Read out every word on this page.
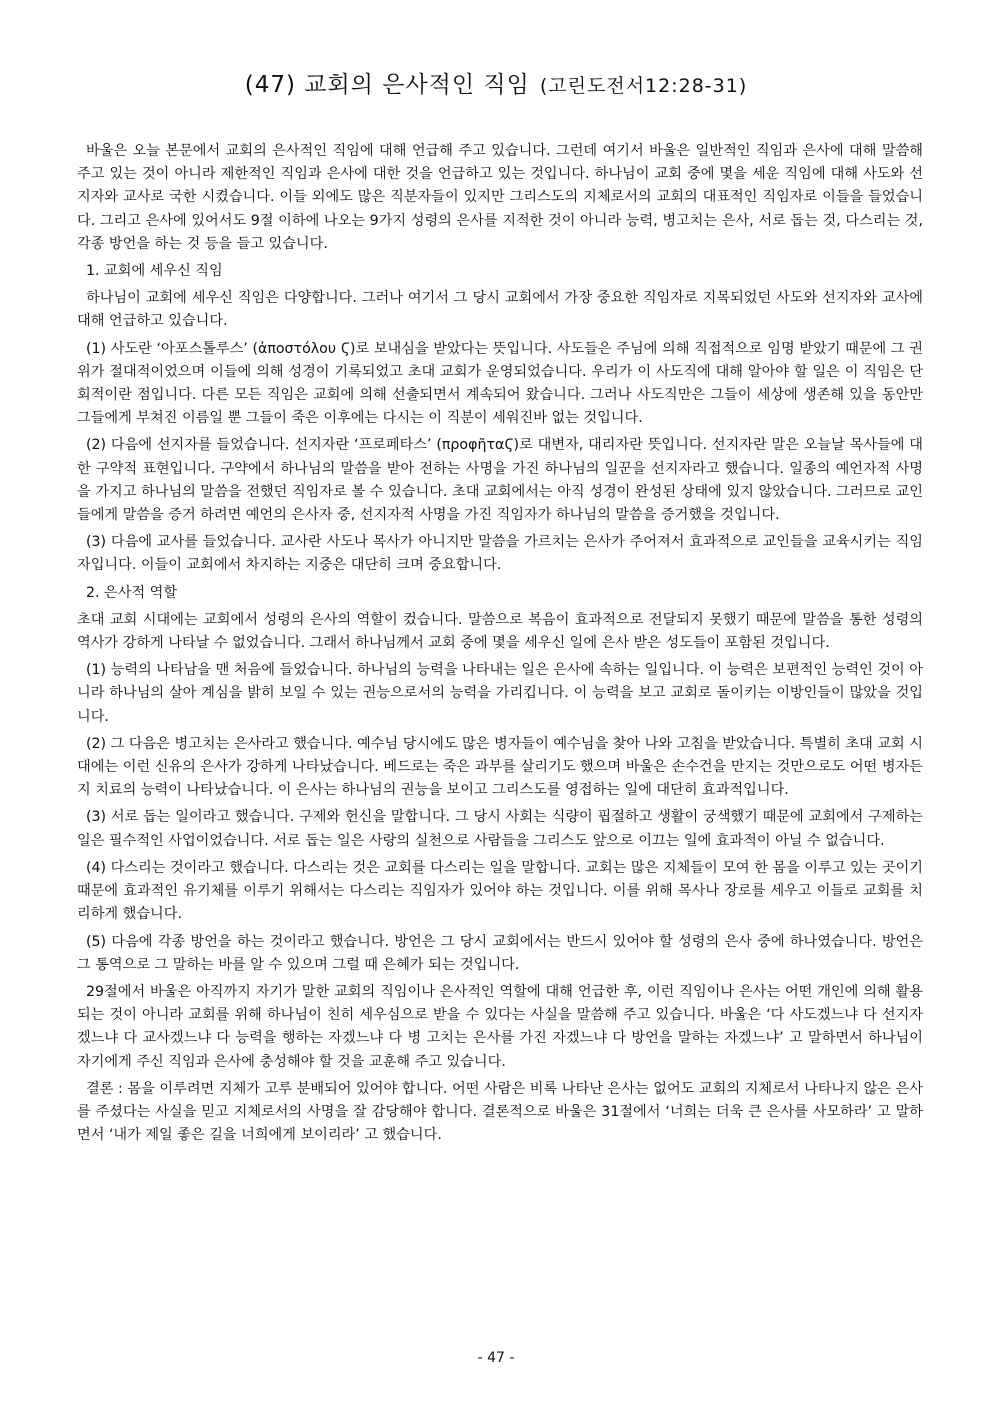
(47) 교회의 은사적인 직임 (고린도전서12:28-31)

바울은 오늘 본문에서 교회의 은사적인 직임에 대해 언급해 주고 있습니다. 그런데 여기서 바울은 일반적인 직임과 은사에 대해 말씀해 주고 있는 것이 아니라 제한적인 직임과 은사에 대한 것을 언급하고 있는 것입니다. 하나님이 교회 중에 몇을 세운 직임에 대해 사도와 선지자와 교사로 국한 시켰습니다. 이들 외에도 많은 직분자들이 있지만 그리스도의 지체로서의 교회의 대표적인 직임자로 이들을 들었습니다. 그리고 은사에 있어서도 9절 이하에 나오는 9가지 성령의 은사를 지적한 것이 아니라 능력, 병고치는 은사, 서로 돕는 것, 다스리는 것, 각종 방언을 하는 것 등을 들고 있습니다.

1. 교회에 세우신 직임

하나님이 교회에 세우신 직임은 다양합니다. 그러나 여기서 그 당시 교회에서 가장 중요한 직임자로 지목되었던 사도와 선지자와 교사에 대해 언급하고 있습니다.

(1) 사도란 ‘아포스톨루스’ (ἀποστόλου Ϛ)로 보내심을 받았다는 뜻입니다. 사도들은 주님에 의해 직접적으로 임명 받았기 때문에 그 권위가 절대적이었으며 이들에 의해 성경이 기록되었고 초대 교회가 운영되었습니다. 우리가 이 사도직에 대해 알아야 할 일은 이 직임은 단회적이란 점입니다. 다른 모든 직임은 교회에 의해 선출되면서 계속되어 왔습니다. 그러나 사도직만은 그들이 세상에 생존해 있을 동안만 그들에게 부쳐진 이름일 뿐 그들이 죽은 이후에는 다시는 이 직분이 세워진바 없는 것입니다.

(2) 다음에 선지자를 들었습니다. 선지자란 ‘프로페타스’ (προφῆταϚ)로 대변자, 대리자란 뜻입니다. 선지자란 말은 오늘날 목사들에 대한 구약적 표현입니다. 구약에서 하나님의 말씀을 받아 전하는 사명을 가진 하나님의 일꾼을 선지자라고 했습니다. 일종의 예언자적 사명을 가지고 하나님의 말씀을 전했던 직임자로 볼 수 있습니다. 초대 교회에서는 아직 성경이 완성된 상태에 있지 않았습니다. 그러므로 교인들에게 말씀을 증거 하려면 예언의 은사자 중, 선지자적 사명을 가진 직임자가 하나님의 말씀을 증거했을 것입니다.

(3) 다음에 교사를 들었습니다. 교사란 사도나 목사가 아니지만 말씀을 가르치는 은사가 주어져서 효과적으로 교인들을 교육시키는 직임자입니다. 이들이 교회에서 차지하는 지중은 대단히 크며 중요합니다.

2. 은사적 역할

초대 교회 시대에는 교회에서 성령의 은사의 역할이 컸습니다. 말씀으로 복음이 효과적으로 전달되지 못했기 때문에 말씀을 통한 성령의 역사가 강하게 나타날 수 없었습니다. 그래서 하나님께서 교회 중에 몇을 세우신 일에 은사 받은 성도들이 포함된 것입니다.

(1) 능력의 나타남을 맨 처음에 들었습니다. 하나님의 능력을 나타내는 일은 은사에 속하는 일입니다. 이 능력은 보편적인 능력인 것이 아니라 하나님의 살아 계심을 밝히 보일 수 있는 권능으로서의 능력을 가리킵니다. 이 능력을 보고 교회로 돌이키는 이방인들이 많았을 것입니다.

(2) 그 다음은 병고치는 은사라고 했습니다. 예수님 당시에도 많은 병자들이 예수님을 찾아 나와 고침을 받았습니다. 특별히 초대 교회 시대에는 이런 신유의 은사가 강하게 나타났습니다. 베드로는 죽은 과부를 살리기도 했으며 바울은 손수건을 만지는 것만으로도 어떤 병자든지 치료의 능력이 나타났습니다. 이 은사는 하나님의 권능을 보이고 그리스도를 영접하는 일에 대단히 효과적입니다.

(3) 서로 돕는 일이라고 했습니다. 구제와 헌신을 말합니다. 그 당시 사회는 식량이 핍절하고 생활이 궁색했기 때문에 교회에서 구제하는 일은 필수적인 사업이었습니다. 서로 돕는 일은 사랑의 실천으로 사람들을 그리스도 앞으로 이끄는 일에 효과적이 아닐 수 없습니다.

(4) 다스리는 것이라고 했습니다. 다스리는 것은 교회를 다스리는 일을 말합니다. 교회는 많은 지체들이 모여 한 몸을 이루고 있는 곳이기 때문에 효과적인 유기체를 이루기 위해서는 다스리는 직임자가 있어야 하는 것입니다. 이를 위해 목사나 장로를 세우고 이들로 교회를 치리하게 했습니다.

(5) 다음에 각종 방언을 하는 것이라고 했습니다. 방언은 그 당시 교회에서는 반드시 있어야 할 성령의 은사 중에 하나였습니다. 방언은 그 통역으로 그 말하는 바를 알 수 있으며 그럴 때 은혜가 되는 것입니다.

29절에서 바울은 아직까지 자기가 말한 교회의 직임이나 은사적인 역할에 대해 언급한 후, 이런 직임이나 은사는 어떤 개인에 의해 활용되는 것이 아니라 교회를 위해 하나님이 친히 세우심으로 받을 수 있다는 사실을 말씀해 주고 있습니다. 바울은 ‘다 사도겠느냐 다 선지자겠느냐 다 교사겠느냐 다 능력을 행하는 자겠느냐 다 병 고치는 은사를 가진 자겠느냐 다 방언을 말하는 자겠느냐’ 고 말하면서 하나님이 자기에게 주신 직임과 은사에 충성해야 할 것을 교훈해 주고 있습니다.

결론 : 몸을 이루려면 지체가 고루 분배되어 있어야 합니다. 어떤 사람은 비록 나타난 은사는 없어도 교회의 지체로서 나타나지 않은 은사를 주셨다는 사실을 믿고 지체로서의 사명을 잘 감당해야 합니다. 결론적으로 바울은 31절에서 ‘너희는 더욱 큰 은사를 사모하라’ 고 말하면서 ‘내가 제일 좋은 길을 너희에게 보이리라’ 고 했습니다.

- 47 -
